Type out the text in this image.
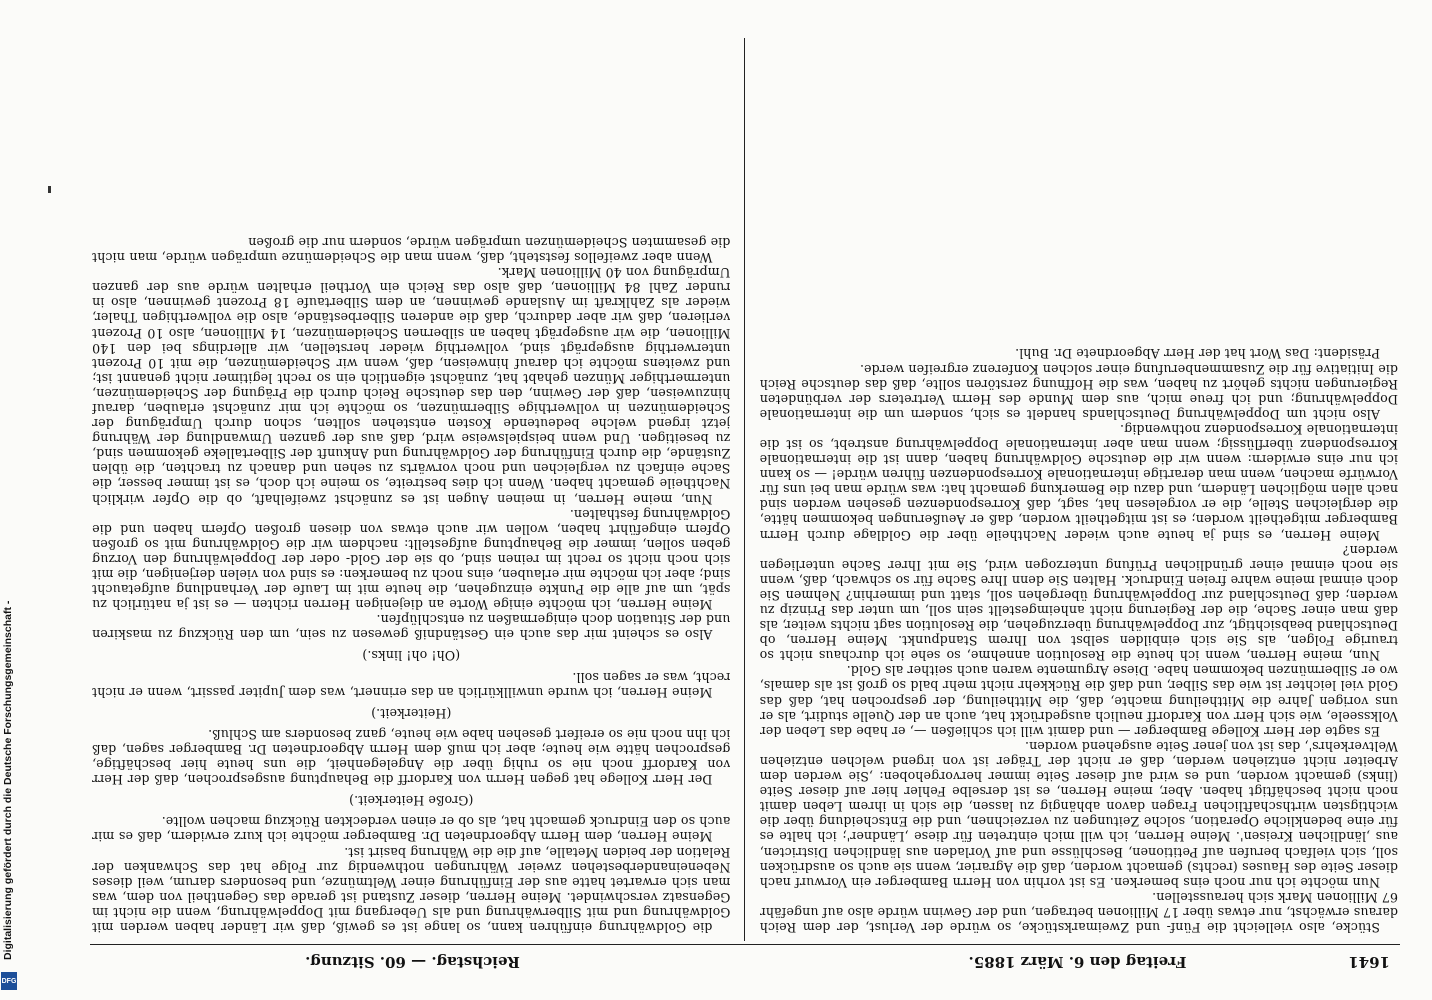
Freitag den 6. März 1885.
Reichstag. — 60. Sitzung.	1641

Stücke, also vielleicht die Fünf- und Zweimarkstücke, so würde der Verlust, der dem Reich daraus erwächst, nur etwas über 17 Millionen betragen, und der Gewinn würde also auf ungefähr 67 Millionen Mark sich herausstellen.

Nun möchte ich nur noch eins bemerken. Es ist vorhin von Herrn Bamberger ein Vorwurf nach dieser Seite des Hauses (rechts) gemacht worden, daß die Agrarier, wenn sie auch so ausdrücken soll, sich vielfach berufen auf Petitionen, Beschlüsse und auf Vorladen aus ländlichen Districten, aus ‚ländlichen Kreisen'. Meine Herren, ich will mich eintreten für diese ‚Ländner'; ich halte es für eine bedenkliche Operation, solche Zeitungen zu verzeichnen, und die Entscheidung über die wichtigsten wirthschaftlichen Fragen davon abhängig zu lassen, die sich in ihrem Leben damit noch nicht beschäftigt haben. Aber, meine Herren, es ist derselbe Fehler hier auf dieser Seite (links) gemacht worden, und es wird auf dieser Seite immer hervorgehoben: ‚Sie werden dem Arbeiter nicht entziehen werden, daß er nicht der Träger ist von irgend welchen entziehen Weltverkehrs', das ist von jener Seite ausgehend worden.

Es sagte der Herr Kollege Bamberger — und damit will ich schließen —, er habe das Leben der Volksseele, wie sich Herr von Kardorff neulich ausgedrückt hat, auch an der Quelle studirt, als er uns vorigen Jahre die Mittheilung machte, daß, die Mittheilung, der gesprochen hat, daß das Gold viel leichter ist wie das Silber, und daß die Rückkehr nicht mehr bald so groß ist als damals, wo er Silbermünzen bekommen habe. Diese Argumente waren auch seither als Gold.

Nun, meine Herren, wenn ich heute die Resolution annehme, so sehe ich durchaus nicht so traurige Folgen, als Sie sich einbilden selbst von Ihrem Standpunkt. Meine Herren, ob Deutschland beabsichtigt, zur Doppelwährung überzugehen, die Resolution sagt nichts weiter, als daß man einer Sache, die der Regierung nicht anheimgestellt sein soll, um unter das Prinzip zu werden; daß Deutschland zur Doppelwährung übergehen soll, statt und immerhin? Nehmen Sie doch einmal meine wahre freien Eindruck. Halten Sie denn Ihre Sache für so schwach, daß, wenn sie noch einmal einer gründlichen Prüfung unterzogen wird, Sie mit Ihrer Sache unterliegen werden?

Meine Herren, es sind ja heute auch wieder Nachtheile über die Goldlage durch Herrn Bamberger mitgetheilt worden; es ist mitgetheilt worden, daß er Aeußerungen bekommen hätte, die dergleichen Stelle, die er vorgelesen hat, sagt, daß Korrespondenzen gesehen werden sind nach allen möglichen Ländern, und dazu die Bemerkung gemacht hat: was würde man bei uns für Vorwürfe machen, wenn man derartige internationale Korrespondenzen führen würde! — so kann ich nur eins erwidern: wenn wir die deutsche Goldwährung haben, dann ist die internationale Korrespondenz überflüssig; wenn man aber internationale Doppelwährung anstrebt, so ist die internationale Korrespondenz nothwendig.

Also nicht um Doppelwährung Deutschlands handelt es sich, sondern um die internationale Doppelwährung; und ich freue mich, aus dem Munde des Herrn Vertreters der verbündeten Regierungen nichts gehört zu haben, was die Hoffnung zerstören sollte, daß das deutsche Reich die Initiative für die Zusammenberufung einer solchen Konferenz ergreifen werde.

Präsident: Das Wort hat der Herr Abgeordnete Dr. Buhl.

die Goldwährung einführen kann, so lange ist es gewiß, daß wir Länder haben werden mit Goldwährung und mit Silberwährung und als Uebergang mit Doppelwährung, wenn die nicht im Gegensatz verschwindet. Meine Herren, dieser Zustand ist gerade das Gegentheil von dem, was man sich erwartet hatte aus der Einführung einer Weltmünze, und besonders darum, weil dieses Nebeneinanderbestehen zweier Währungen nothwendig zur Folge hat das Schwanken der Relation der beiden Metalle, auf die die Währung basirt ist.

Meine Herren, dem Herrn Abgeordneten Dr. Bamberger möchte ich kurz erwidern, daß es mir auch so den Eindruck gemacht hat, als ob er einen verdeckten Rückzug machen wollte.

(Große Heiterkeit.)

Der Herr Kollege hat gegen Herrn von Kardorff die Behauptung ausgesprochen, daß der Herr von Kardorff noch nie so ruhig über die Angelegenheit, die uns heute hier beschäftige, gesprochen hätte wie heute; aber ich muß dem Herrn Abgeordneten Dr. Bamberger sagen, daß ich ihn noch nie so ereifert gesehen habe wie heute, ganz besonders am Schluß.

(Heiterkeit.)

Meine Herren, ich wurde unwillkürlich an das erinnert, was dem Jupiter passirt, wenn er nicht recht, was er sagen soll.

(Oh! oh! links.)

Also es scheint mir das auch ein Geständniß gewesen zu sein, um den Rückzug zu maskiren und der Situation doch einigermaßen zu entschlüpfen.

Meine Herren, ich möchte einige Worte an diejenigen Herren richten — es ist ja natürlich zu spät, um auf alle die Punkte einzugehen, die heute mit im Laufe der Verhandlung aufgetaucht sind; aber ich möchte mir erlauben, eins noch zu bemerken: es sind von vielen derjenigen, die mit sich noch nicht so recht im reinen sind, ob sie der Gold- oder der Doppelwährung den Vorzug geben sollen, immer die Behauptung aufgestellt: nachdem wir die Goldwährung mit so großen Opfern eingeführt haben, wollen wir auch etwas von diesen großen Opfern haben und die Goldwährung festhalten.

Nun, meine Herren, in meinen Augen ist es zunächst zweifelhaft, ob die Opfer wirklich Nachtheile gemacht haben. Wenn ich dies bestreite, so meine ich doch, es ist immer besser, die Sache einfach zu vergleichen und noch vorwärts zu sehen und danach zu trachten, die üblen Zustände, die durch Einführung der Goldwährung und Ankunft der Silbertalleke gekommen sind, zu beseitigen. Und wenn beispielsweise wird, daß aus der ganzen Umwandlung der Währung jetzt irgend welche bedeutende Kosten entstehen sollten, schon durch Umprägung der Scheidemünzen in vollwerthige Silbermünzen, so möchte ich mir zunächst erlauben, darauf hinzuweisen, daß der Gewinn, den das deutsche Reich durch die Prägung der Scheidemünzen, untermerthiger Münzen gehabt hat, zunächst eigentlich ein so recht legitimer nicht genannt ist; und zweitens möchte ich darauf hinweisen, daß, wenn wir Scheidemünzen, die mit 10 Prozent unterwerthig ausgeprägt sind, vollwerthig wieder herstellen, wir allerdings bei den 140 Millionen, die wir ausgeprägt haben an silbernen Scheidemünzen, 14 Millionen, also 10 Prozent verlieren, daß wir aber dadurch, daß die anderen Silberbestände, also die vollwerthigen Thaler, wieder als Zahlkraft im Auslande gewinnen, an dem Silbertaufe 18 Prozent gewinnen, also in runder Zahl 84 Millionen, daß also das Reich ein Vortheil erhalten würde aus der ganzen Umprägung von 40 Millionen Mark.

Wenn aber zweifellos feststeht, daß, wenn man die Scheidemünze umprägen würde, man nicht die gesammten Scheidemünzen umprägen würde, sondern nur die großen

Digitalisierung gefördert durch die Deutsche Forschungsgemeinschaft -
DFG
